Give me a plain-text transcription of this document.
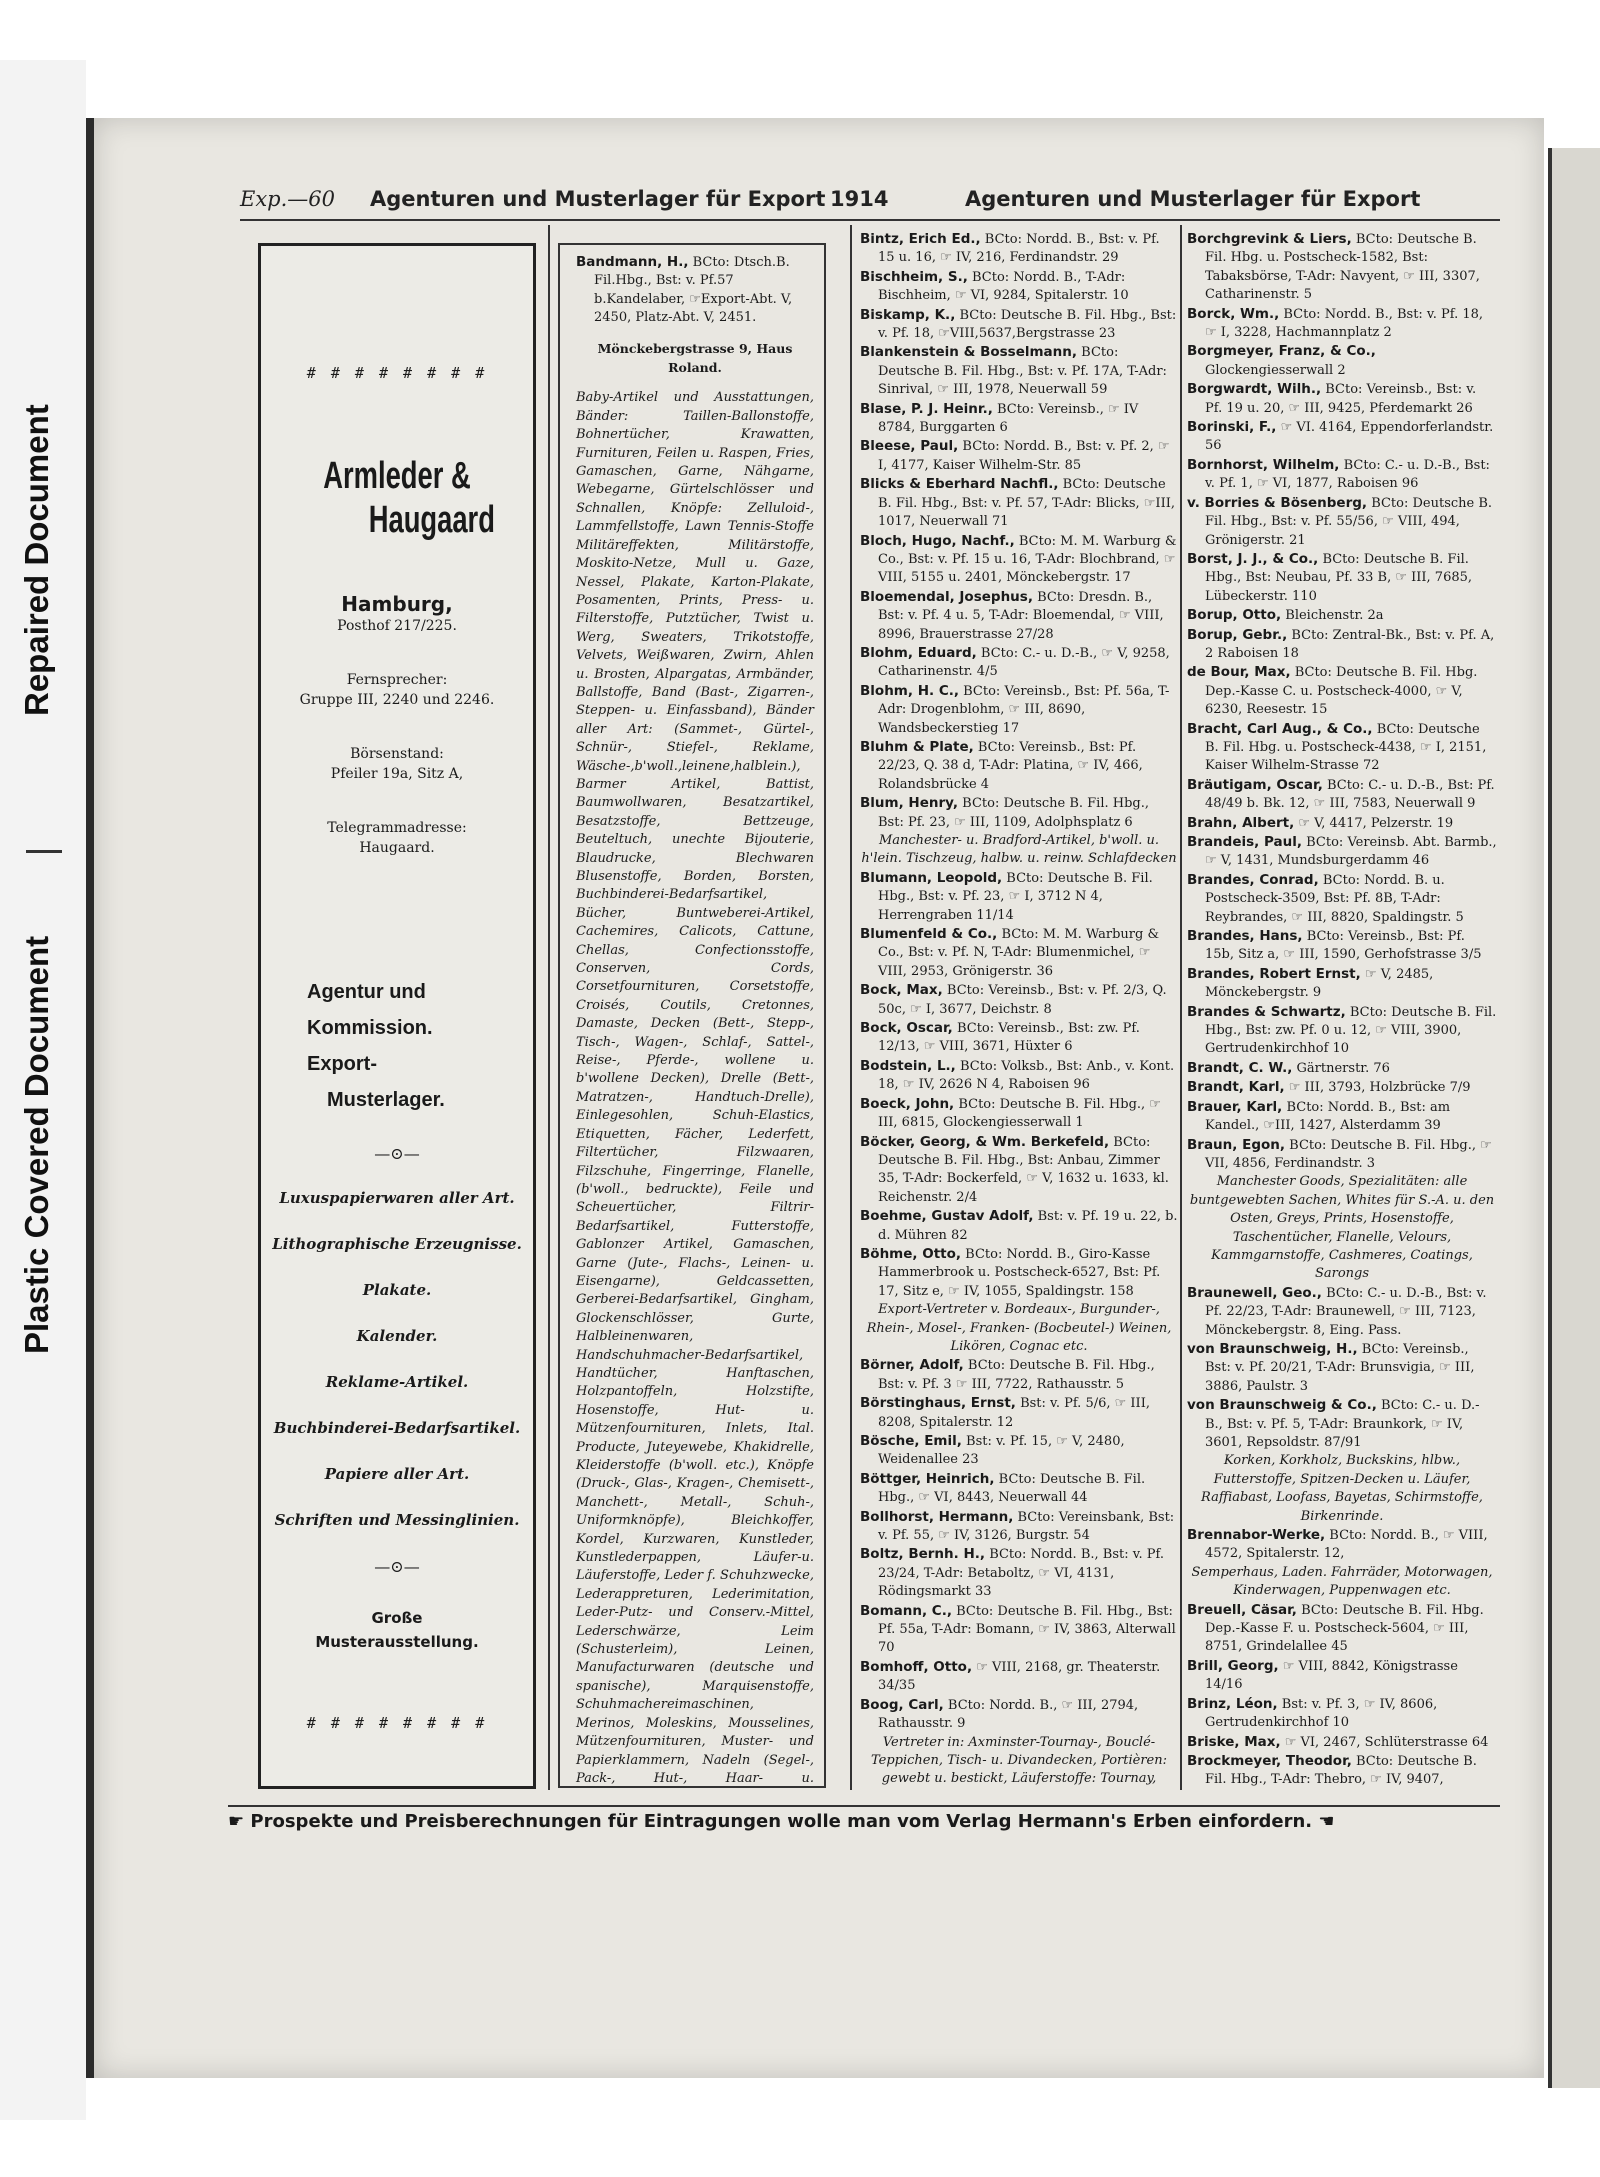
Repaired Document
Plastic Covered Document
Exp.—60 Agenturen und Musterlager für Export 1914	Agenturen und Musterlager für Export
# # # # # # # #
Armleder &
Haugaard
Hamburg,
Posthof 217/225.
Fernsprecher:
Gruppe III, 2240 und 2246.
Börsenstand:
Pfeiler 19a, Sitz A,
Telegrammadresse:
Haugaard.
Agentur und
Kommission.
Export-
Musterlager.
—⊙—
Luxuspapierwaren aller Art.
Lithographische Erzeugnisse.
Plakate.
Kalender.
Reklame-Artikel.
Buchbinderei-Bedarfsartikel.
Papiere aller Art.
Schriften und Messinglinien.
—⊙—
Große
Musterausstellung.
# # # # # # # #

Bandmann, H., BCto: Dtsch.B. Fil.Hbg., Bst: v. Pf.57 b.Kandelaber, ☞Export-Abt. V, 2450, Platz-Abt. V, 2451.

Mönckebergstrasse 9, Haus Roland.

Baby-Artikel und Ausstattungen, Bänder: Taillen-Ballonstoffe, Bohnertücher, Krawatten, Furnituren, Feilen u. Raspen, Fries, Gamaschen, Garne, Nähgarne, Webegarne, Gürtelschlösser und Schnallen, Knöpfe: Zelluloid-, Lammfellstoffe, Lawn Tennis-Stoffe Militäreffekten, Militärstoffe, Moskito-Netze, Mull u. Gaze, Nessel, Plakate, Karton-Plakate, Posamenten, Prints, Press- u. Filterstoffe, Putztücher, Twist u. Werg, Sweaters, Trikotstoffe, Velvets, Weißwaren, Zwirn, Ahlen u. Brosten, Alpargatas, Armbänder, Ballstoffe, Band (Bast-, Zigarren-, Steppen- u. Einfassband), Bänder aller Art: (Sammet-, Gürtel-, Schnür-, Stiefel-, Reklame, Wäsche-,b'woll.,leinene,halblein.), Barmer Artikel, Battist, Baumwollwaren, Besatzartikel, Besatzstoffe, Bettzeuge, Beuteltuch, unechte Bijouterie, Blaudrucke, Blechwaren Blusenstoffe, Borden, Borsten, Buchbinderei-Bedarfsartikel, Bücher, Buntweberei-Artikel, Cachemires, Calicots, Cattune, Chellas, Confectionsstoffe, Conserven, Cords, Corsetfournituren, Corsetstoffe, Croisés, Coutils, Cretonnes, Damaste, Decken (Bett-, Stepp-, Tisch-, Wagen-, Schlaf-, Sattel-, Reise-, Pferde-, wollene u. b'wollene Decken), Drelle (Bett-, Matratzen-, Handtuch-Drelle), Einlegesohlen, Schuh-Elastics, Etiquetten, Fächer, Lederfett, Filtertücher, Filzwaaren, Filzschuhe, Fingerringe, Flanelle, (b'woll., bedruckte), Feile und Scheuertücher, Filtrir-Bedarfsartikel, Futterstoffe, Gablonzer Artikel, Gamaschen, Garne (Jute-, Flachs-, Leinen- u. Eisengarne), Geldcassetten, Gerberei-Bedarfsartikel, Gingham, Glockenschlösser, Gurte, Halbleinenwaren, Handschuhmacher-Bedarfsartikel, Handtücher, Hanftaschen, Holzpantoffeln, Holzstifte, Hosenstoffe, Hut- u. Mützenfournituren, Inlets, Ital. Producte, Juteyewebe, Khakidrelle, Kleiderstoffe (b'woll. etc.), Knöpfe (Druck-, Glas-, Kragen-, Chemisett-, Manchett-, Metall-, Schuh-, Uniformknöpfe), Bleichkoffer, Kordel, Kurzwaren, Kunstleder, Kunstlederpappen, Läufer-u. Läuferstoffe, Leder f. Schuhzwecke, Lederappreturen, Lederimitation, Leder-Putz- und Conserv.-Mittel, Lederschwärze, Leim (Schusterleim), Leinen, Manufacturwaren (deutsche und spanische), Marquisenstoffe, Schuhmachereimaschinen, Merinos, Moleskins, Mousselines, Mützenfournituren, Muster- und Papierklammern, Nadeln (Segel-, Pack-, Hut-, Haar- u.

Bintz, Erich Ed., BCto: Nordd. B., Bst: v. Pf. 15 u. 16, ☞ IV, 216, Ferdinandstr. 29

Bischheim, S., BCto: Nordd. B., T-Adr: Bischheim, ☞ VI, 9284, Spitalerstr. 10

Biskamp, K., BCto: Deutsche B. Fil. Hbg., Bst: v. Pf. 18, ☞VIII,5637,Bergstrasse 23

Blankenstein & Bosselmann, BCto: Deutsche B. Fil. Hbg., Bst: v. Pf. 17A, T-Adr: Sinrival, ☞ III, 1978, Neuerwall 59

Blase, P. J. Heinr., BCto: Vereinsb., ☞ IV 8784, Burggarten 6

Bleese, Paul, BCto: Nordd. B., Bst: v. Pf. 2, ☞I, 4177, Kaiser Wilhelm-Str. 85

Blicks & Eberhard Nachfl., BCto: Deutsche B. Fil. Hbg., Bst: v. Pf. 57, T-Adr: Blicks, ☞III, 1017, Neuerwall 71

Bloch, Hugo, Nachf., BCto: M. M. Warburg & Co., Bst: v. Pf. 15 u. 16, T-Adr: Blochbrand, ☞ VIII, 5155 u. 2401, Mönckebergstr. 17

Bloemendal, Josephus, BCto: Dresdn. B., Bst: v. Pf. 4 u. 5, T-Adr: Bloemendal, ☞ VIII, 8996, Brauerstrasse 27/28

Blohm, Eduard, BCto: C.- u. D.-B., ☞ V, 9258, Catharinenstr. 4/5

Blohm, H. C., BCto: Vereinsb., Bst: Pf. 56a, T-Adr: Drogenblohm, ☞ III, 8690, Wandsbeckerstieg 17

Bluhm & Plate, BCto: Vereinsb., Bst: Pf. 22/23, Q. 38 d, T-Adr: Platina, ☞ IV, 466, Rolandsbrücke 4

Blum, Henry, BCto: Deutsche B. Fil. Hbg., Bst: Pf. 23, ☞ III, 1109, Adolphsplatz 6

Manchester- u. Bradford-Artikel, b'woll. u. h'lein. Tischzeug, halbw. u. reinw. Schlafdecken

Blumann, Leopold, BCto: Deutsche B. Fil. Hbg., Bst: v. Pf. 23, ☞ I, 3712 N 4, Herrengraben 11/14

Blumenfeld & Co., BCto: M. M. Warburg & Co., Bst: v. Pf. N, T-Adr: Blumenmichel, ☞ VIII, 2953, Grönigerstr. 36

Bock, Max, BCto: Vereinsb., Bst: v. Pf. 2/3, Q. 50c, ☞ I, 3677, Deichstr. 8

Bock, Oscar, BCto: Vereinsb., Bst: zw. Pf. 12/13, ☞ VIII, 3671, Hüxter 6

Bodstein, L., BCto: Volksb., Bst: Anb., v. Kont. 18, ☞ IV, 2626 N 4, Raboisen 96

Boeck, John, BCto: Deutsche B. Fil. Hbg., ☞III, 6815, Glockengiesserwall 1

Böcker, Georg, & Wm. Berkefeld, BCto: Deutsche B. Fil. Hbg., Bst: Anbau, Zimmer 35, T-Adr: Bockerfeld, ☞ V, 1632 u. 1633, kl. Reichenstr. 2/4

Boehme, Gustav Adolf, Bst: v. Pf. 19 u. 22, b. d. Mühren 82

Böhme, Otto, BCto: Nordd. B., Giro-Kasse Hammerbrook u. Postscheck-6527, Bst: Pf. 17, Sitz e, ☞ IV, 1055, Spaldingstr. 158

Export-Vertreter v. Bordeaux-, Burgunder-, Rhein-, Mosel-, Franken- (Bocbeutel-) Weinen, Likören, Cognac etc.

Börner, Adolf, BCto: Deutsche B. Fil. Hbg., Bst: v. Pf. 3 ☞ III, 7722, Rathausstr. 5

Börstinghaus, Ernst, Bst: v. Pf. 5/6, ☞ III, 8208, Spitalerstr. 12

Bösche, Emil, Bst: v. Pf. 15, ☞ V, 2480, Weidenallee 23

Böttger, Heinrich, BCto: Deutsche B. Fil. Hbg., ☞ VI, 8443, Neuerwall 44

Bollhorst, Hermann, BCto: Vereinsbank, Bst: v. Pf. 55, ☞ IV, 3126, Burgstr. 54

Boltz, Bernh. H., BCto: Nordd. B., Bst: v. Pf. 23/24, T-Adr: Betaboltz, ☞ VI, 4131, Rödingsmarkt 33

Bomann, C., BCto: Deutsche B. Fil. Hbg., Bst: Pf. 55a, T-Adr: Bomann, ☞ IV, 3863, Alterwall 70

Bomhoff, Otto, ☞ VIII, 2168, gr. Theaterstr. 34/35

Boog, Carl, BCto: Nordd. B., ☞ III, 2794, Rathausstr. 9

Vertreter in: Axminster-Tournay-, Bouclé-Teppichen, Tisch- u. Divandecken, Portièren: gewebt u. bestickt, Läuferstoffe: Tournay,

Borchgrevink & Liers, BCto: Deutsche B. Fil. Hbg. u. Postscheck-1582, Bst: Tabaksbörse, T-Adr: Navyent, ☞ III, 3307, Catharinenstr. 5

Borck, Wm., BCto: Nordd. B., Bst: v. Pf. 18, ☞ I, 3228, Hachmannplatz 2

Borgmeyer, Franz, & Co., Glockengiesserwall 2

Borgwardt, Wilh., BCto: Vereinsb., Bst: v. Pf. 19 u. 20, ☞ III, 9425, Pferdemarkt 26

Borinski, F., ☞ VI. 4164, Eppendorferlandstr. 56

Bornhorst, Wilhelm, BCto: C.- u. D.-B., Bst: v. Pf. 1, ☞ VI, 1877, Raboisen 96

v. Borries & Bösenberg, BCto: Deutsche B. Fil. Hbg., Bst: v. Pf. 55/56, ☞ VIII, 494, Grönigerstr. 21

Borst, J. J., & Co., BCto: Deutsche B. Fil. Hbg., Bst: Neubau, Pf. 33 B, ☞ III, 7685, Lübeckerstr. 110

Borup, Otto, Bleichenstr. 2a

Borup, Gebr., BCto: Zentral-Bk., Bst: v. Pf. A, 2 Raboisen 18

de Bour, Max, BCto: Deutsche B. Fil. Hbg. Dep.-Kasse C. u. Postscheck-4000, ☞ V, 6230, Reesestr. 15

Bracht, Carl Aug., & Co., BCto: Deutsche B. Fil. Hbg. u. Postscheck-4438, ☞ I, 2151, Kaiser Wilhelm-Strasse 72

Bräutigam, Oscar, BCto: C.- u. D.-B., Bst: Pf. 48/49 b. Bk. 12, ☞ III, 7583, Neuerwall 9

Brahn, Albert, ☞ V, 4417, Pelzerstr. 19

Brandeis, Paul, BCto: Vereinsb. Abt. Barmb., ☞ V, 1431, Mundsburgerdamm 46

Brandes, Conrad, BCto: Nordd. B. u. Postscheck-3509, Bst: Pf. 8B, T-Adr: Reybrandes, ☞ III, 8820, Spaldingstr. 5

Brandes, Hans, BCto: Vereinsb., Bst: Pf. 15b, Sitz a, ☞ III, 1590, Gerhofstrasse 3/5

Brandes, Robert Ernst, ☞ V, 2485, Mönckebergstr. 9

Brandes & Schwartz, BCto: Deutsche B. Fil. Hbg., Bst: zw. Pf. 0 u. 12, ☞ VIII, 3900, Gertrudenkirchhof 10

Brandt, C. W., Gärtnerstr. 76

Brandt, Karl, ☞ III, 3793, Holzbrücke 7/9

Brauer, Karl, BCto: Nordd. B., Bst: am Kandel., ☞III, 1427, Alsterdamm 39

Braun, Egon, BCto: Deutsche B. Fil. Hbg., ☞ VII, 4856, Ferdinandstr. 3

Manchester Goods, Spezialitäten: alle buntgewebten Sachen, Whites für S.-A. u. den Osten, Greys, Prints, Hosenstoffe, Taschentücher, Flanelle, Velours, Kammgarnstoffe, Cashmeres, Coatings, Sarongs

Braunewell, Geo., BCto: C.- u. D.-B., Bst: v. Pf. 22/23, T-Adr: Braunewell, ☞ III, 7123, Mönckebergstr. 8, Eing. Pass.

von Braunschweig, H., BCto: Vereinsb., Bst: v. Pf. 20/21, T-Adr: Brunsvigia, ☞ III, 3886, Paulstr. 3

von Braunschweig & Co., BCto: C.- u. D.-B., Bst: v. Pf. 5, T-Adr: Braunkork, ☞ IV, 3601, Repsoldstr. 87/91

Korken, Korkholz, Buckskins, hlbw., Futterstoffe, Spitzen-Decken u. Läufer, Raffiabast, Loofass, Bayetas, Schirmstoffe, Birkenrinde.

Brennabor-Werke, BCto: Nordd. B., ☞ VIII, 4572, Spitalerstr. 12,

Semperhaus, Laden. Fahrräder, Motorwagen, Kinderwagen, Puppenwagen etc.

Breuell, Cäsar, BCto: Deutsche B. Fil. Hbg. Dep.-Kasse F. u. Postscheck-5604, ☞ III, 8751, Grindelallee 45

Brill, Georg, ☞ VIII, 8842, Königstrasse 14/16

Brinz, Léon, Bst: v. Pf. 3, ☞ IV, 8606, Gertrudenkirchhof 10

Briske, Max, ☞ VI, 2467, Schlüterstrasse 64

Brockmeyer, Theodor, BCto: Deutsche B. Fil. Hbg., T-Adr: Thebro, ☞ IV, 9407,

☛ Prospekte und Preisberechnungen für Eintragungen wolle man vom Verlag Hermann's Erben einfordern. ☚
